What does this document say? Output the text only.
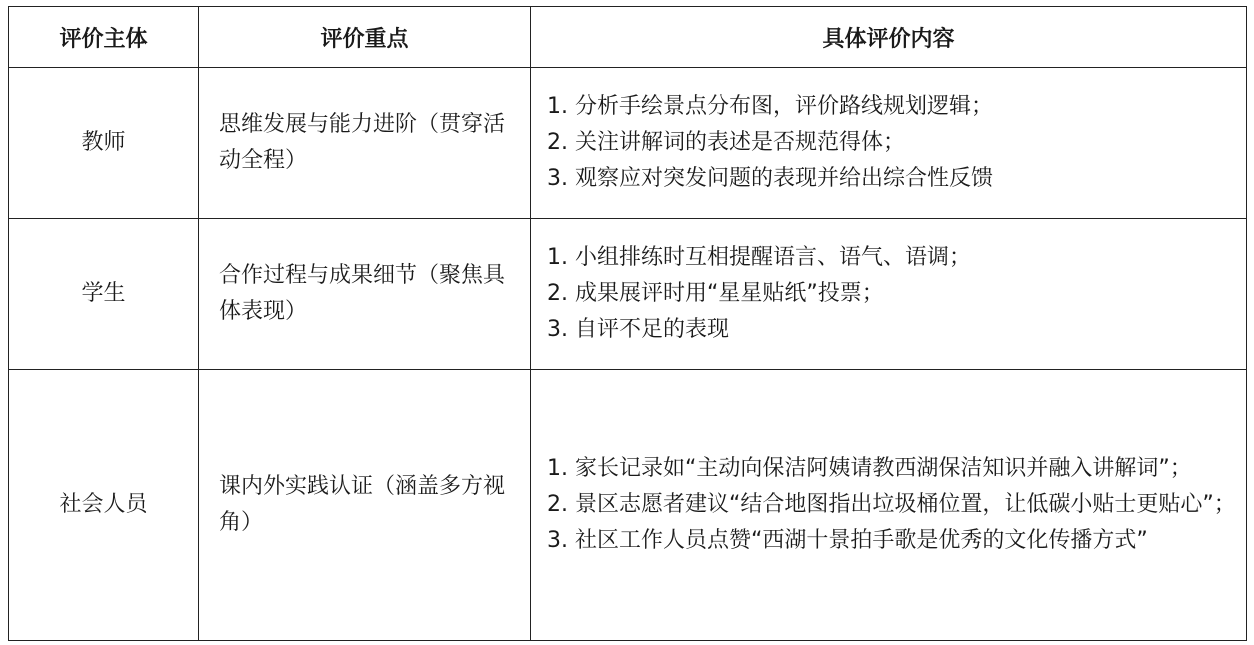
评价主体	评价重点	具体评价内容
教师	思维发展与能力进阶（贯穿活动全程）	1. 分析手绘景点分布图，评价路线规划逻辑；
2. 关注讲解词的表述是否规范得体；
3. 观察应对突发问题的表现并给出综合性反馈

学生	合作过程与成果细节（聚焦具体表现）	1. 小组排练时互相提醒语言、语气、语调；
2. 成果展评时用“星星贴纸”投票；
3. 自评不足的表现

社会人员	课内外实践认证（涵盖多方视角）	1. 家长记录如“主动向保洁阿姨请教西湖保洁知识并融入讲解词”；
2. 景区志愿者建议“结合地图指出垃圾桶位置，让低碳小贴士更贴心”；
3. 社区工作人员点赞“西湖十景拍手歌是优秀的文化传播方式”
